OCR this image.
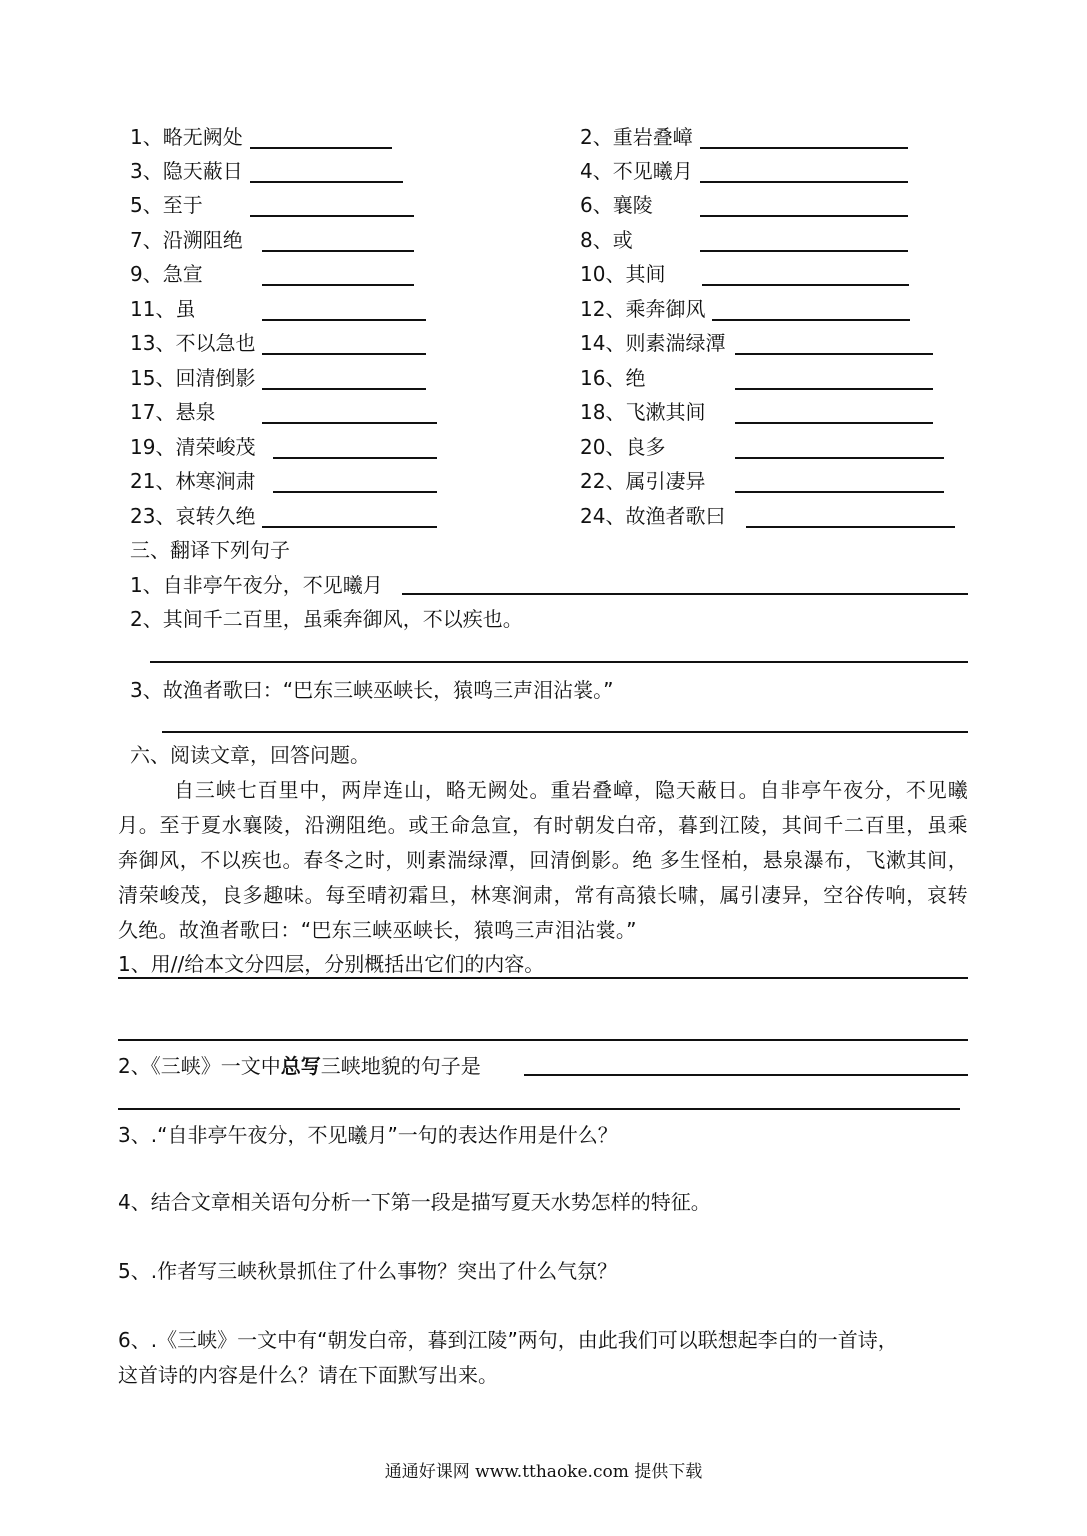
1、略无阙处	2、重岩叠嶂
3、隐天蔽日	4、不见曦月
5、至于	6、襄陵
7、沿溯阻绝	8、或
9、急宣	10、其间
11、虽	12、乘奔御风
13、不以急也	14、则素湍绿潭
15、回清倒影	16、绝
17、悬泉	18、飞漱其间
19、清荣峻茂	20、良多
21、林寒涧肃	22、属引凄异
23、哀转久绝	24、故渔者歌曰
三、翻译下列句子
1、自非亭午夜分，不见曦月
2、其间千二百里，虽乘奔御风，不以疾也。
3、故渔者歌曰：“巴东三峡巫峡长，猿鸣三声泪沾裳。”
六、阅读文章，回答问题。
自三峡七百里中，两岸连山，略无阙处。重岩叠嶂，隐天蔽日。自非亭午夜分，不见曦月。至于夏水襄陵，沿溯阻绝。或王命急宣，有时朝发白帝，暮到江陵，其间千二百里，虽乘奔御风，不以疾也。春冬之时，则素湍绿潭，回清倒影。绝 多生怪柏，悬泉瀑布，飞漱其间，清荣峻茂，良多趣味。每至晴初霜旦，林寒涧肃，常有高猿长啸，属引凄异，空谷传响，哀转久绝。故渔者歌曰：“巴东三峡巫峡长，猿鸣三声泪沾裳。”
1、用//给本文分四层，分别概括出它们的内容。
2、《三峡》一文中总写三峡地貌的句子是
3、.“自非亭午夜分，不见曦月”一句的表达作用是什么？
4、结合文章相关语句分析一下第一段是描写夏天水势怎样的特征。
5、.作者写三峡秋景抓住了什么事物？突出了什么气氛？
6、.《三峡》一文中有“朝发白帝，暮到江陵”两句，由此我们可以联想起李白的一首诗，
这首诗的内容是什么？请在下面默写出来。
通通好课网 www.tthaoke.com 提供下载
